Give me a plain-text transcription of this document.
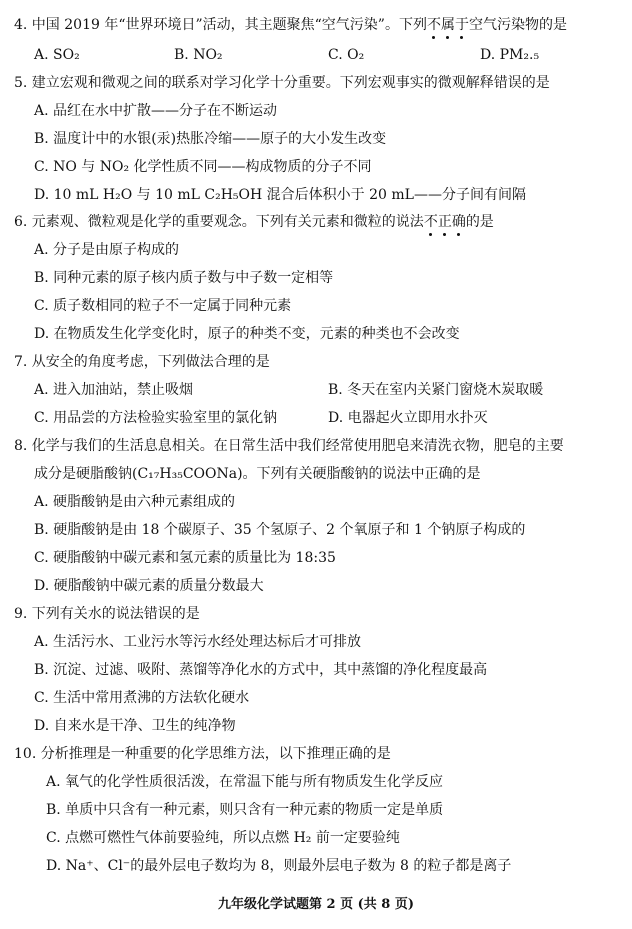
4. 中国 2019 年“世界环境日”活动，其主题聚焦“空气污染”。下列不属于空气污染物的是
A. SO₂	B. NO₂	C. O₂	D. PM₂.₅
5. 建立宏观和微观之间的联系对学习化学十分重要。下列宏观事实的微观解释错误的是
A. 品红在水中扩散——分子在不断运动
B. 温度计中的水银(汞)热胀冷缩——原子的大小发生改变
C. NO 与 NO₂ 化学性质不同——构成物质的分子不同
D. 10 mL H₂O 与 10 mL C₂H₅OH 混合后体积小于 20 mL——分子间有间隔
6. 元素观、微粒观是化学的重要观念。下列有关元素和微粒的说法不正确的是
A. 分子是由原子构成的
B. 同种元素的原子核内质子数与中子数一定相等
C. 质子数相同的粒子不一定属于同种元素
D. 在物质发生化学变化时，原子的种类不变，元素的种类也不会改变
7. 从安全的角度考虑，下列做法合理的是
A. 进入加油站，禁止吸烟	B. 冬天在室内关紧门窗烧木炭取暖
C. 用品尝的方法检验实验室里的氯化钠	D. 电器起火立即用水扑灭
8. 化学与我们的生活息息相关。在日常生活中我们经常使用肥皂来清洗衣物，肥皂的主要
成分是硬脂酸钠(C₁₇H₃₅COONa)。下列有关硬脂酸钠的说法中正确的是
A. 硬脂酸钠是由六种元素组成的
B. 硬脂酸钠是由 18 个碳原子、35 个氢原子、2 个氧原子和 1 个钠原子构成的
C. 硬脂酸钠中碳元素和氢元素的质量比为 18:35
D. 硬脂酸钠中碳元素的质量分数最大
9. 下列有关水的说法错误的是
A. 生活污水、工业污水等污水经处理达标后才可排放
B. 沉淀、过滤、吸附、蒸馏等净化水的方式中，其中蒸馏的净化程度最高
C. 生活中常用煮沸的方法软化硬水
D. 自来水是干净、卫生的纯净物
10. 分析推理是一种重要的化学思维方法，以下推理正确的是
A. 氧气的化学性质很活泼，在常温下能与所有物质发生化学反应
B. 单质中只含有一种元素，则只含有一种元素的物质一定是单质
C. 点燃可燃性气体前要验纯，所以点燃 H₂ 前一定要验纯
D. Na⁺、Cl⁻的最外层电子数均为 8，则最外层电子数为 8 的粒子都是离子
九年级化学试题第 2 页 (共 8 页)
